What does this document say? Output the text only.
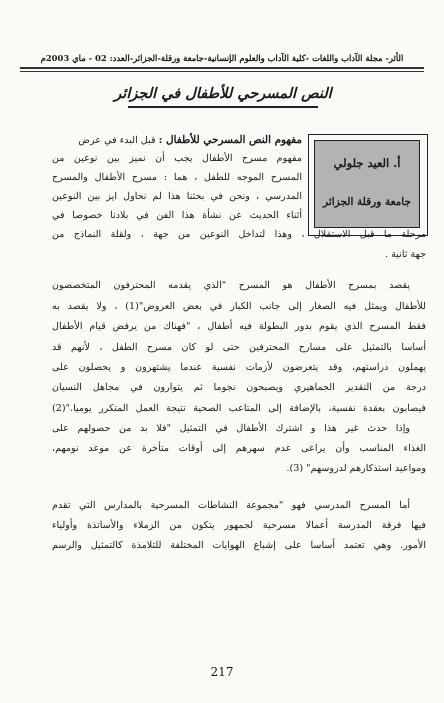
الأثر- مجلة الآداب واللغات -كلية الآداب والعلوم الإنسانية-جامعة ورقلة-الجزائر-العدد: 02 - ماي 2003م
النص المسرحي للأطفال في الجزائر
أ. العيد جلولي
جامعة ورقلة الجزائر
مفهوم النص المسرحي للأطفال : قبل البدء في عرض
مفهوم مسرح الأطفال يجب أن نميز بين نوعين من
المسرح الموجه للطفل ، هما : مسرح الأطفال والمسرح
المدرسي ، ونحن في بحثنا هذا لم نحاول ايز بين النوعين
أثناء الحديث عن نشأة هذا الفن في بلادنا خصوصا في
مرحلة ما قبل الاستقلال ، وهذا لتداخل النوعين من جهة ، ولقلة النماذج من
جهة ثانية .
يقصد بمسرح الأطفال هو المسرح "الذي يقدمه المحترفون المتخصصون
للأطفال ويمثل فيه الصغار إلى جانب الكبار في بعض العروض"(1) ، ولا يقصد به
فقط المسرح الذي يقوم بدور البطولة فيه أطفال ، "فهناك من يرفض قيام الأطفال
أساسا بالتمثيل على مسارح المحترفين حتى لو كان مسرح الطفل ، لأنهم قد
يهملون دراستهم، وقد يتعرضون لأزمات نفسية عندما يشتهرون و يحصلون على
درجة من التقدير الجماهيري ويصبحون نجوما ثم يتوارون في مجاهل النسيان
فيصابون بعقدة نفسية، بالإضافة إلى المتاعب الصحية نتيجة العمل المتكرر يوميا."(2)
وإذا حدث غير هذا و اشترك الأطفال في التمثيل "فلا بد من حصولهم على
الغذاء المناسب وأن يراعى عدم سهرهم إلى أوقات متأخرة عن موعد نومهم،
ومواعيد استذكارهم لدروسهم" (3).
أما المسرح المدرسي فهو "مجموعة النشاطات المسرحية بالمدارس التي تقدم
فيها فرقة المدرسة أعمالا مسرحية لجمهور يتكون من الزملاء والأساتذة وأولياء
الأمور. وهي تعتمد أساسا على إشباع الهوايات المختلفة للتلامذة كالتمثيل والرسم
217
